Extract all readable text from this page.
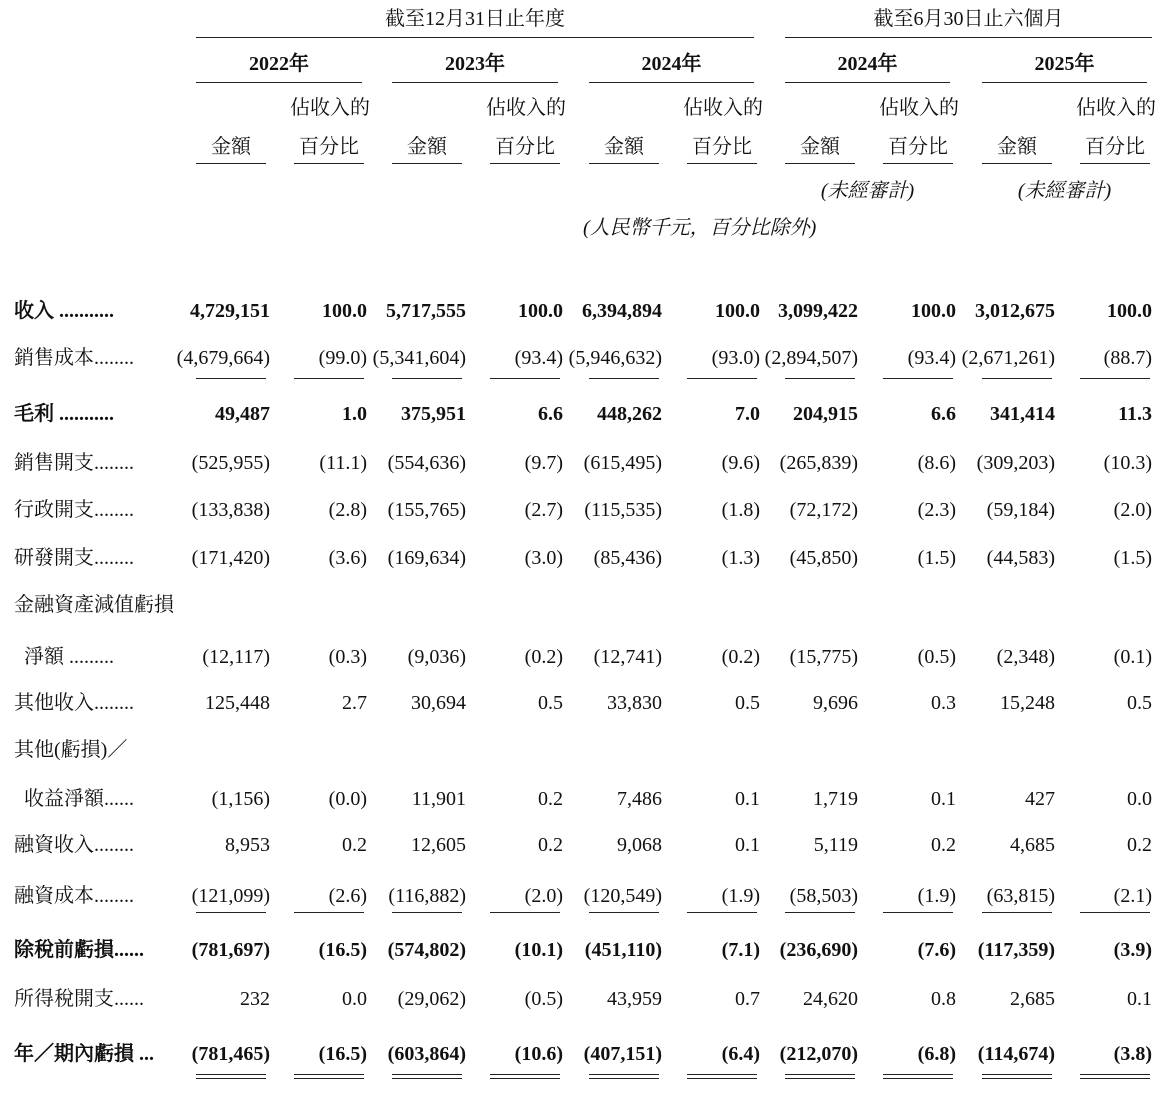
截至12月31日止年度	截至6月30日止六個月
2022年	2023年	2024年	2024年	2025年
佔收入的
金額	百分比
佔收入的
金額	百分比
佔收入的
金額	百分比
佔收入的
金額	百分比
佔收入的
金額	百分比
(未經審計)	(未經審計)
(人民幣千元，百分比除外)
收入 ...........	4,729,151	100.0 5,717,555	100.0 6,394,894	100.0 3,099,422	100.0 3,012,675	100.0
銷售成本........	(4,679,664)	(99.0) (5,341,604)	(93.4) (5,946,632)	(93.0) (2,894,507)	(93.4) (2,671,261)	(88.7)
毛利 ...........	49,487	1.0	375,951	6.6	448,262	7.0	204,915	6.6	341,414	11.3
銷售開支........	(525,955)	(11.1)	(554,636)	(9.7)	(615,495)	(9.6) (265,839)	(8.6)	(309,203)	(10.3)
行政開支........	(133,838)	(2.8)	(155,765)	(2.7)	(115,535)	(1.8)	(72,172)	(2.3)	(59,184)	(2.0)
研發開支........	(171,420)	(3.6)	(169,634)	(3.0)	(85,436)	(1.3)	(45,850)	(1.5)	(44,583)	(1.5)
金融資產減值虧損
淨額 .........	(12,117)	(0.3)	(9,036)	(0.2)	(12,741)	(0.2)	(15,775)	(0.5)	(2,348)	(0.1)
其他收入........	125,448	2.7	30,694	0.5	33,830	0.5	9,696	0.3	15,248	0.5
其他(虧損)／
收益淨額......	(1,156)	(0.0)	11,901	0.2	7,486	0.1	1,719	0.1	427	0.0
融資收入........	8,953	0.2	12,605	0.2	9,068	0.1	5,119	0.2	4,685	0.2
融資成本........	(121,099)	(2.6)	(116,882)	(2.0)	(120,549)	(1.9)	(58,503)	(1.9)	(63,815)	(2.1)
除稅前虧損......	(781,697)	(16.5)	(574,802)	(10.1)	(451,110)	(7.1) (236,690)	(7.6)	(117,359)	(3.9)
所得稅開支......	232	0.0	(29,062)	(0.5)	43,959	0.7	24,620	0.8	2,685	0.1
年／期內虧損 ...	(781,465)	(16.5)	(603,864)	(10.6)	(407,151)	(6.4) (212,070)	(6.8)	(114,674)	(3.8)
